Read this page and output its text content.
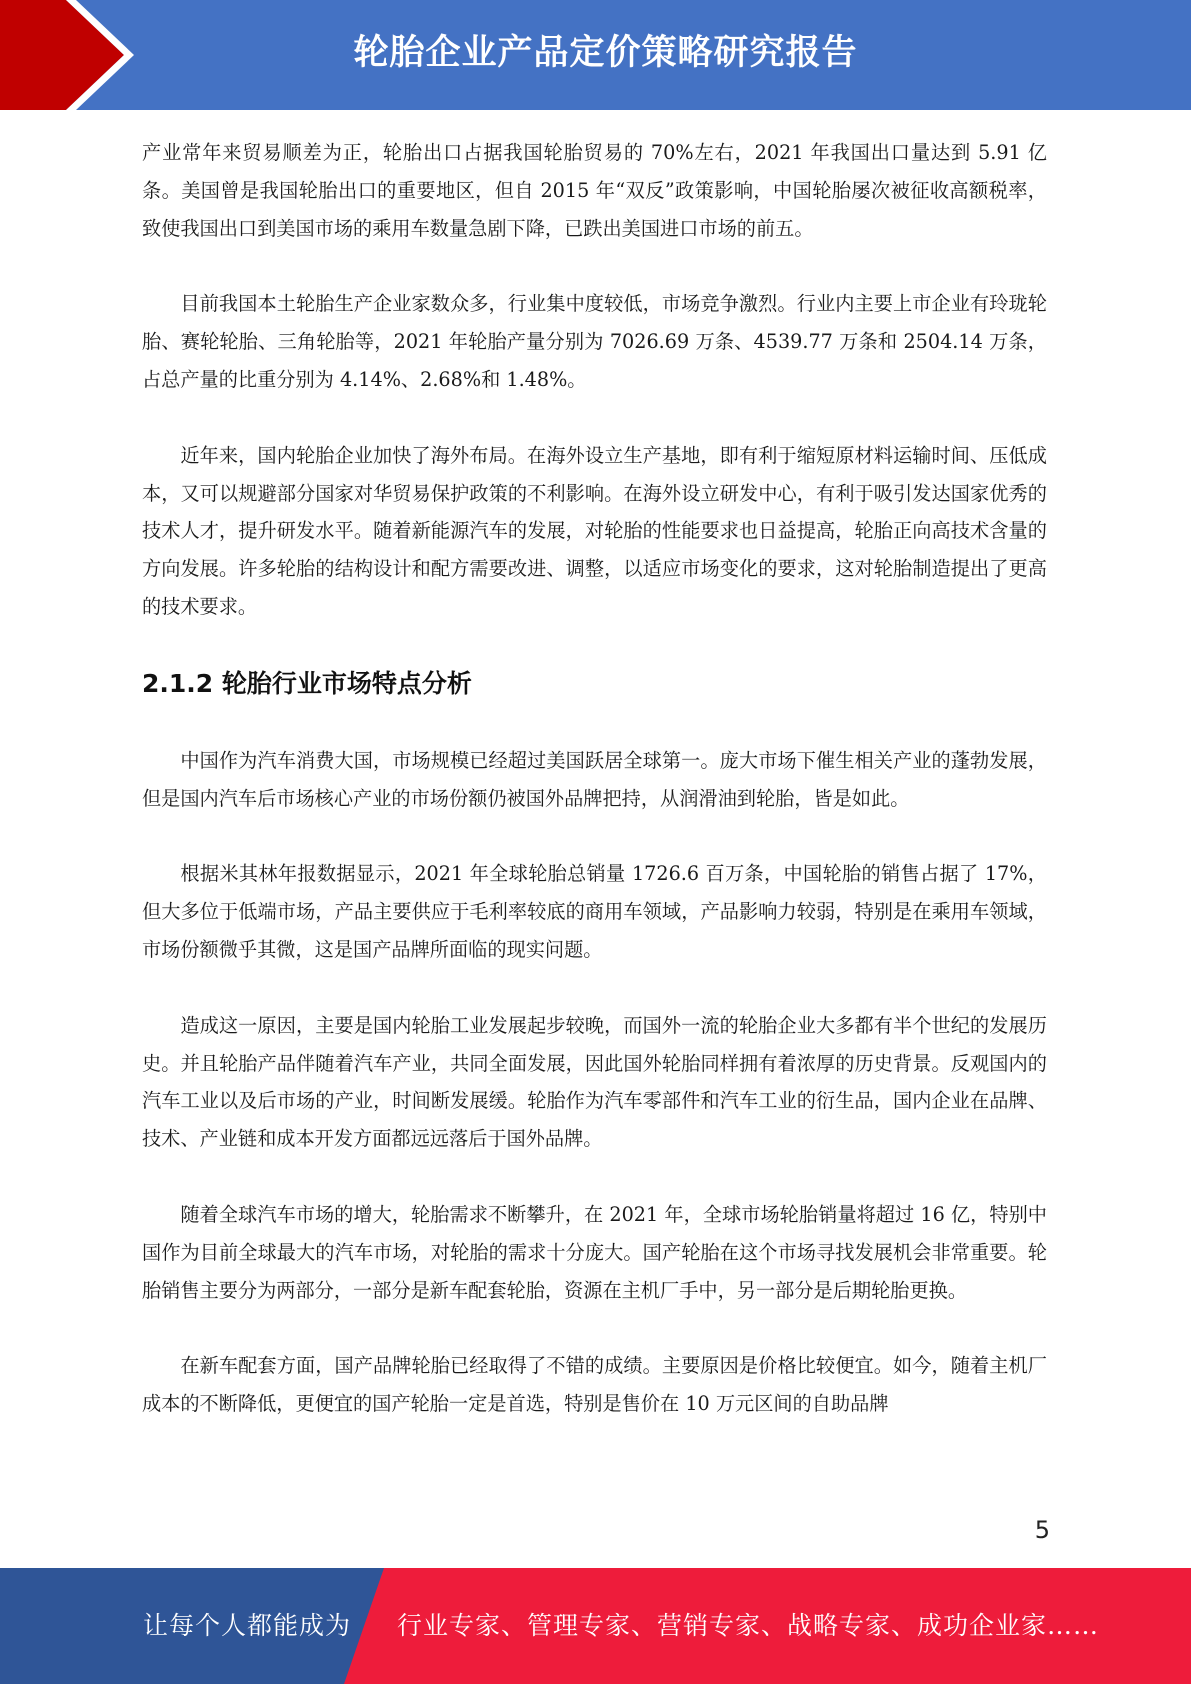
轮胎企业产品定价策略研究报告

产业常年来贸易顺差为正，轮胎出口占据我国轮胎贸易的 70%左右，2021 年我国出口量达到 5.91 亿条。美国曾是我国轮胎出口的重要地区，但自 2015 年“双反”政策影响，中国轮胎屡次被征收高额税率，致使我国出口到美国市场的乘用车数量急剧下降，已跌出美国进口市场的前五。

目前我国本土轮胎生产企业家数众多，行业集中度较低，市场竞争激烈。行业内主要上市企业有玲珑轮胎、赛轮轮胎、三角轮胎等，2021 年轮胎产量分别为 7026.69 万条、4539.77 万条和 2504.14 万条，占总产量的比重分别为 4.14%、2.68%和 1.48%。

近年来，国内轮胎企业加快了海外布局。在海外设立生产基地，即有利于缩短原材料运输时间、压低成本，又可以规避部分国家对华贸易保护政策的不利影响。在海外设立研发中心，有利于吸引发达国家优秀的技术人才，提升研发水平。随着新能源汽车的发展，对轮胎的性能要求也日益提高，轮胎正向高技术含量的方向发展。许多轮胎的结构设计和配方需要改进、调整，以适应市场变化的要求，这对轮胎制造提出了更高的技术要求。

2.1.2 轮胎行业市场特点分析

中国作为汽车消费大国，市场规模已经超过美国跃居全球第一。庞大市场下催生相关产业的蓬勃发展，但是国内汽车后市场核心产业的市场份额仍被国外品牌把持，从润滑油到轮胎，皆是如此。

根据米其林年报数据显示，2021 年全球轮胎总销量 1726.6 百万条，中国轮胎的销售占据了 17%，但大多位于低端市场，产品主要供应于毛利率较底的商用车领域，产品影响力较弱，特别是在乘用车领域，市场份额微乎其微，这是国产品牌所面临的现实问题。

造成这一原因，主要是国内轮胎工业发展起步较晚，而国外一流的轮胎企业大多都有半个世纪的发展历史。并且轮胎产品伴随着汽车产业，共同全面发展，因此国外轮胎同样拥有着浓厚的历史背景。反观国内的汽车工业以及后市场的产业，时间断发展缓。轮胎作为汽车零部件和汽车工业的衍生品，国内企业在品牌、技术、产业链和成本开发方面都远远落后于国外品牌。

随着全球汽车市场的增大，轮胎需求不断攀升，在 2021 年，全球市场轮胎销量将超过 16 亿，特别中国作为目前全球最大的汽车市场，对轮胎的需求十分庞大。国产轮胎在这个市场寻找发展机会非常重要。轮胎销售主要分为两部分，一部分是新车配套轮胎，资源在主机厂手中，另一部分是后期轮胎更换。

在新车配套方面，国产品牌轮胎已经取得了不错的成绩。主要原因是价格比较便宜。如今，随着主机厂成本的不断降低，更便宜的国产轮胎一定是首选，特别是售价在 10 万元区间的自助品牌

5
让每个人都能成为 行业专家、管理专家、营销专家、战略专家、成功企业家……
